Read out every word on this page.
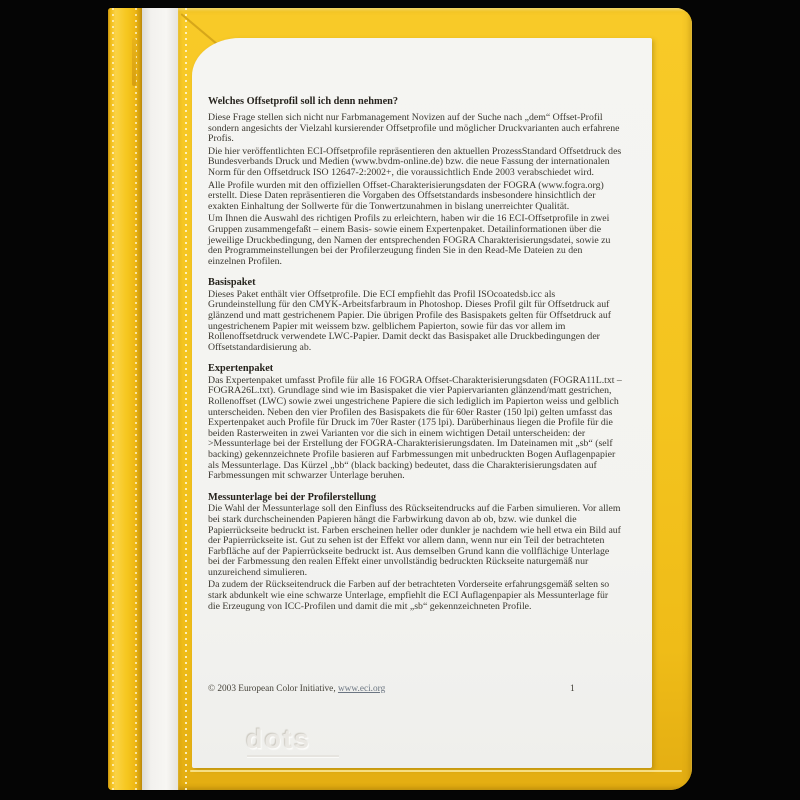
Welches Offsetprofil soll ich denn nehmen?

Diese Frage stellen sich nicht nur Farbmanagement Novizen auf der Suche nach „dem“ Offset-Profil sondern angesichts der Vielzahl kursierender Offsetprofile und möglicher Druckvarianten auch erfahrene Profis.

Die hier veröffentlichten ECI-Offsetprofile repräsentieren den aktuellen ProzessStandard Offsetdruck des Bundesverbands Druck und Medien (www.bvdm-online.de) bzw. die neue Fassung der internationalen Norm für den Offsetdruck ISO 12647-2:2002+, die voraussichtlich Ende 2003 verabschiedet wird.

Alle Profile wurden mit den offiziellen Offset-Charakterisierungsdaten der FOGRA (www.fogra.org) erstellt. Diese Daten repräsentieren die Vorgaben des Offsetstandards insbesondere hinsichtlich der exakten Einhaltung der Sollwerte für die Tonwertzunahmen in bislang unerreichter Qualität.

Um Ihnen die Auswahl des richtigen Profils zu erleichtern, haben wir die 16 ECI-Offsetprofile in zwei Gruppen zusammengefaßt – einem Basis- sowie einem Expertenpaket. Detailinformationen über die jeweilige Druckbedingung, den Namen der entsprechenden FOGRA Charakterisierungsdatei, sowie zu den Programmeinstellungen bei der Profilerzeugung finden Sie in den Read-Me Dateien zu den einzelnen Profilen.

Basispaket

Dieses Paket enthält vier Offsetprofile. Die ECI empfiehlt das Profil ISOcoatedsb.icc als Grundeinstellung für den CMYK-Arbeitsfarbraum in Photoshop. Dieses Profil gilt für Offsetdruck auf glänzend und matt gestrichenem Papier. Die übrigen Profile des Basispakets gelten für Offsetdruck auf ungestrichenem Papier mit weissem bzw. gelblichem Papierton, sowie für das vor allem im Rollenoffsetdruck verwendete LWC-Papier. Damit deckt das Basispaket alle Druckbedingungen der Offsetstandardisierung ab.

Expertenpaket

Das Expertenpaket umfasst Profile für alle 16 FOGRA Offset-Charakterisierungsdaten (FOGRA11L.txt – FOGRA26L.txt). Grundlage sind wie im Basispaket die vier Papiervarianten glänzend/matt gestrichen, Rollenoffset (LWC) sowie zwei ungestrichene Papiere die sich lediglich im Papierton weiss und gelblich unterscheiden. Neben den vier Profilen des Basispakets die für 60er Raster (150 lpi) gelten umfasst das Expertenpaket auch Profile für Druck im 70er Raster (175 lpi). Darüberhinaus liegen die Profile für die beiden Rasterweiten in zwei Varianten vor die sich in einem wichtigen Detail unterscheiden: der >Messunterlage bei der Erstellung der FOGRA-Charakterisierungsdaten. Im Dateinamen mit „sb“ (self backing) gekennzeichnete Profile basieren auf Farbmessungen mit unbedruckten Bogen Auflagenpapier als Messunterlage. Das Kürzel „bb“ (black backing) bedeutet, dass die Charakterisierungsdaten auf Farbmessungen mit schwarzer Unterlage beruhen.

Messunterlage bei der Profilerstellung

Die Wahl der Messunterlage soll den Einfluss des Rückseitendrucks auf die Farben simulieren. Vor allem bei stark durchscheinenden Papieren hängt die Farbwirkung davon ab ob, bzw. wie dunkel die Papierrückseite bedruckt ist. Farben erscheinen heller oder dunkler je nachdem wie hell etwa ein Bild auf der Papierrückseite ist. Gut zu sehen ist der Effekt vor allem dann, wenn nur ein Teil der betrachteten Farbfläche auf der Papierrückseite bedruckt ist. Aus demselben Grund kann die vollflächige Unterlage bei der Farbmessung den realen Effekt einer unvollständig bedruckten Rückseite naturgemäß nur unzureichend simulieren.

Da zudem der Rückseitendruck die Farben auf der betrachteten Vorderseite erfahrungsgemäß selten so stark abdunkelt wie eine schwarze Unterlage, empfiehlt die ECI Auflagenpapier als Messunterlage für die Erzeugung von ICC-Profilen und damit die mit „sb“ gekennzeichneten Profile.

© 2003 European Color Initiative, www.eci.org	1
dots
